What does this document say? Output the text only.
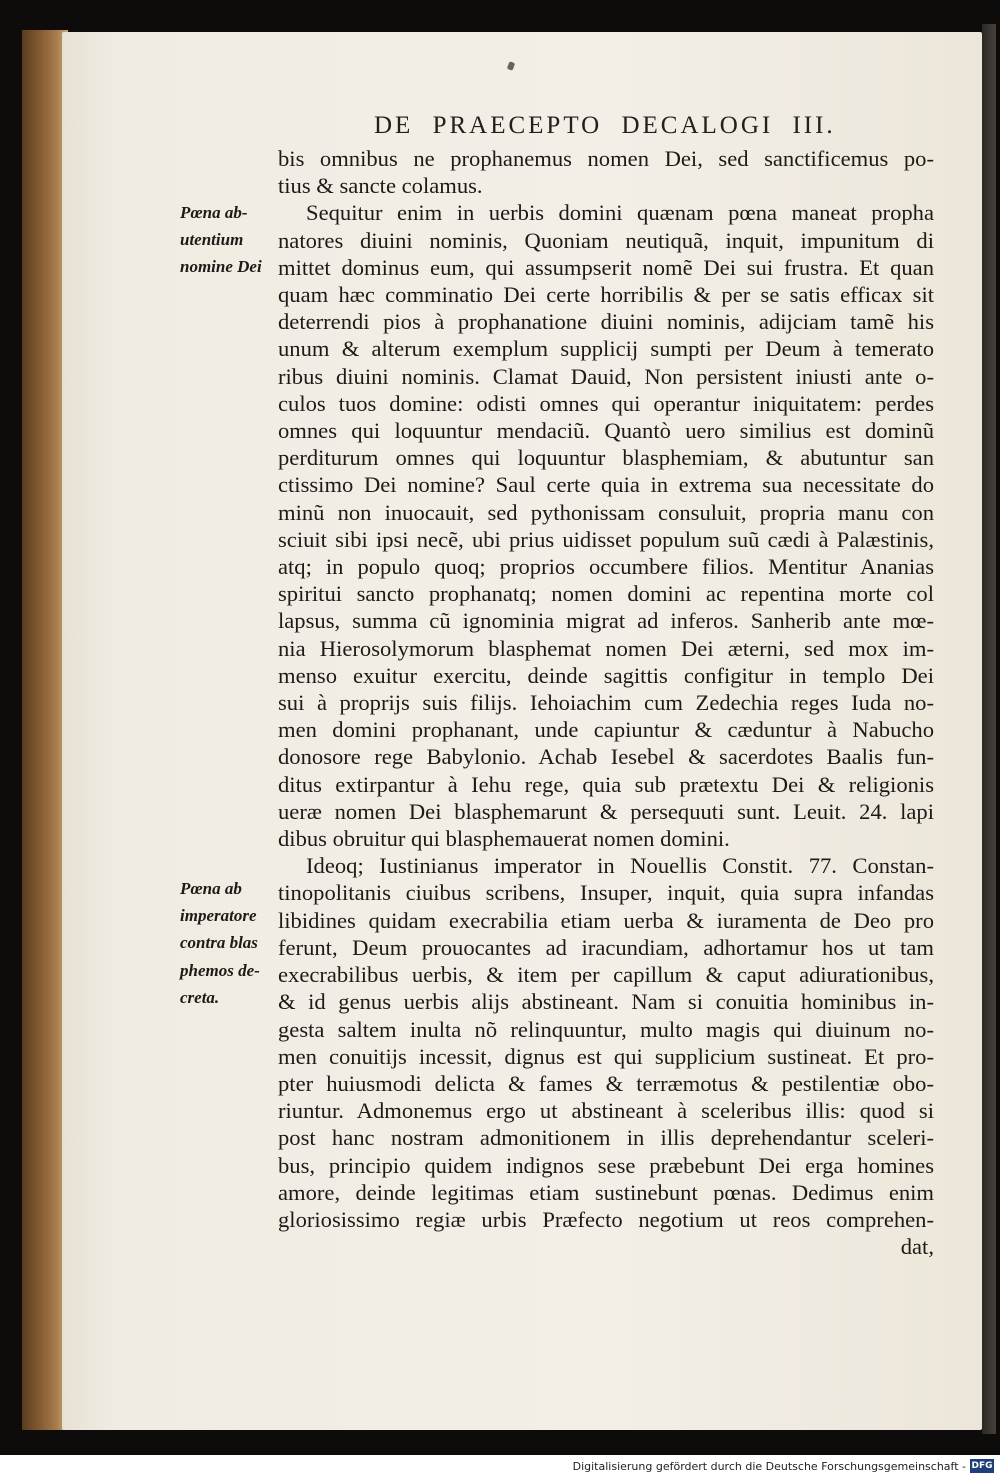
DE PRAECEPTO DECALOGI III.
Pœna ab-
utentium
nomine Dei
Pœna ab
imperatore
contra blas
phemos de-
creta.
bis omnibus ne prophanemus nomen Dei, sed sanctificemus po-
tius & sancte colamus.
Sequitur enim in uerbis domini quænam pœna maneat propha
natores diuini nominis, Quoniam neutiquã, inquit, impunitum di
mittet dominus eum, qui assumpserit nomẽ Dei sui frustra. Et quan
quam hæc comminatio Dei certe horribilis & per se satis efficax sit
deterrendi pios à prophanatione diuini nominis, adijciam tamẽ his
unum & alterum exemplum supplicij sumpti per Deum à temerato
ribus diuini nominis. Clamat Dauid, Non persistent iniusti ante o-
culos tuos domine: odisti omnes qui operantur iniquitatem: perdes
omnes qui loquuntur mendaciũ. Quantò uero similius est dominũ
perditurum omnes qui loquuntur blasphemiam, & abutuntur san
ctissimo Dei nomine? Saul certe quia in extrema sua necessitate do
minũ non inuocauit, sed pythonissam consuluit, propria manu con
sciuit sibi ipsi necẽ, ubi prius uidisset populum suũ cædi à Palæstinis,
atq; in populo quoq; proprios occumbere filios. Mentitur Ananias
spiritui sancto prophanatq; nomen domini ac repentina morte col
lapsus, summa cũ ignominia migrat ad inferos. Sanherib ante mœ-
nia Hierosolymorum blasphemat nomen Dei æterni, sed mox im-
menso exuitur exercitu, deinde sagittis configitur in templo Dei
sui à proprijs suis filijs. Iehoiachim cum Zedechia reges Iuda no-
men domini prophanant, unde capiuntur & cæduntur à Nabucho
donosore rege Babylonio. Achab Iesebel & sacerdotes Baalis fun-
ditus extirpantur à Iehu rege, quia sub prætextu Dei & religionis
ueræ nomen Dei blasphemarunt & persequuti sunt. Leuit. 24. lapi
dibus obruitur qui blasphemauerat nomen domini.
Ideoq; Iustinianus imperator in Nouellis Constit. 77. Constan-
tinopolitanis ciuibus scribens, Insuper, inquit, quia supra infandas
libidines quidam execrabilia etiam uerba & iuramenta de Deo pro
ferunt, Deum prouocantes ad iracundiam, adhortamur hos ut tam
execrabilibus uerbis, & item per capillum & caput adiurationibus,
& id genus uerbis alijs abstineant. Nam si conuitia hominibus in-
gesta saltem inulta nõ relinquuntur, multo magis qui diuinum no-
men conuitijs incessit, dignus est qui supplicium sustineat. Et pro-
pter huiusmodi delicta & fames & terræmotus & pestilentiæ obo-
riuntur. Admonemus ergo ut abstineant à sceleribus illis: quod si
post hanc nostram admonitionem in illis deprehendantur sceleri-
bus, principio quidem indignos sese præbebunt Dei erga homines
amore, deinde legitimas etiam sustinebunt pœnas. Dedimus enim
gloriosissimo regiæ urbis Præfecto negotium ut reos comprehen-
dat,
Digitalisierung gefördert durch die Deutsche Forschungsgemeinschaft - DFG
